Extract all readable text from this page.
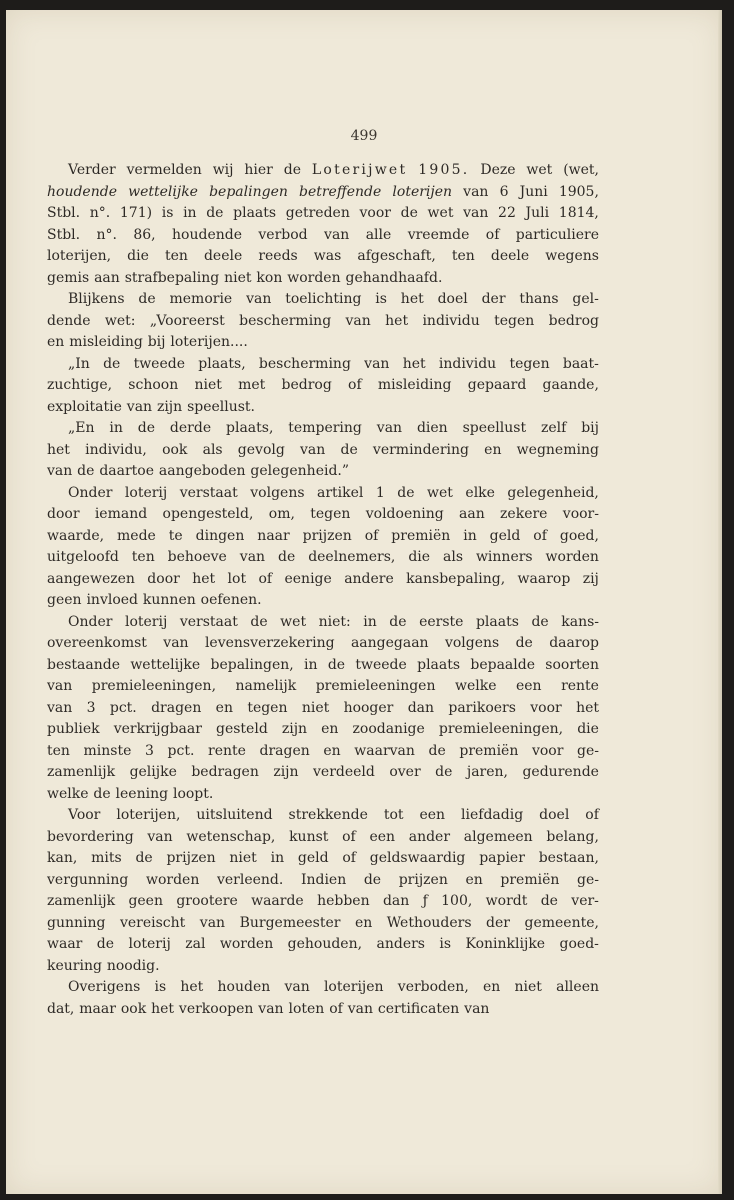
499
Verder vermelden wij hier de Loterijwet 1905. Deze wet (wet,
houdende wettelijke bepalingen betreffende loterijen van 6 Juni 1905,
Stbl. n°. 171) is in de plaats getreden voor de wet van 22 Juli 1814,
Stbl. n°. 86, houdende verbod van alle vreemde of particuliere
loterijen, die ten deele reeds was afgeschaft, ten deele wegens
gemis aan strafbepaling niet kon worden gehandhaafd.
Blijkens de memorie van toelichting is het doel der thans gel-
dende wet: „Vooreerst bescherming van het individu tegen bedrog
en misleiding bij loterijen....
„In de tweede plaats, bescherming van het individu tegen baat-
zuchtige, schoon niet met bedrog of misleiding gepaard gaande,
exploitatie van zijn speellust.
„En in de derde plaats, tempering van dien speellust zelf bij
het individu, ook als gevolg van de vermindering en wegneming
van de daartoe aangeboden gelegenheid.”
Onder loterij verstaat volgens artikel 1 de wet elke gelegenheid,
door iemand opengesteld, om, tegen voldoening aan zekere voor-
waarde, mede te dingen naar prijzen of premiën in geld of goed,
uitgeloofd ten behoeve van de deelnemers, die als winners worden
aangewezen door het lot of eenige andere kansbepaling, waarop zij
geen invloed kunnen oefenen.
Onder loterij verstaat de wet niet: in de eerste plaats de kans-
overeenkomst van levensverzekering aangegaan volgens de daarop
bestaande wettelijke bepalingen, in de tweede plaats bepaalde soorten
van premieleeningen, namelijk premieleeningen welke een rente
van 3 pct. dragen en tegen niet hooger dan parikoers voor het
publiek verkrijgbaar gesteld zijn en zoodanige premieleeningen, die
ten minste 3 pct. rente dragen en waarvan de premiën voor ge-
zamenlijk gelijke bedragen zijn verdeeld over de jaren, gedurende
welke de leening loopt.
Voor loterijen, uitsluitend strekkende tot een liefdadig doel of
bevordering van wetenschap, kunst of een ander algemeen belang,
kan, mits de prijzen niet in geld of geldswaardig papier bestaan,
vergunning worden verleend. Indien de prijzen en premiën ge-
zamenlijk geen grootere waarde hebben dan ƒ 100, wordt de ver-
gunning vereischt van Burgemeester en Wethouders der gemeente,
waar de loterij zal worden gehouden, anders is Koninklijke goed-
keuring noodig.
Overigens is het houden van loterijen verboden, en niet alleen
dat, maar ook het verkoopen van loten of van certificaten van
